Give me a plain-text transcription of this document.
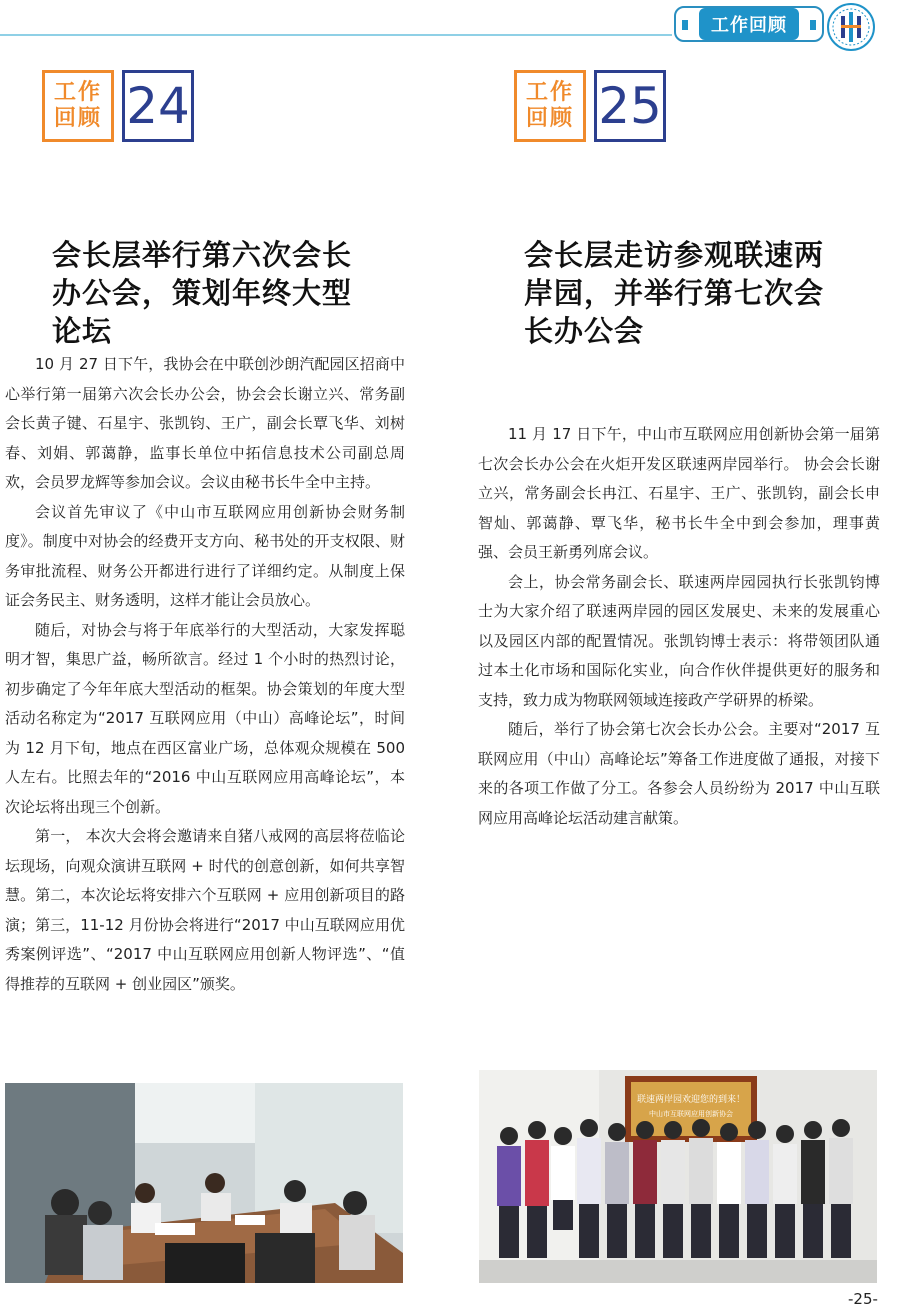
工作回顾
工作
回顾 24	工作
回顾 25
会长层举行第六次会长
办公会，策划年终大型
论坛
会长层走访参观联速两
岸园，并举行第七次会
长办公会
10 月 27 日下午，我协会在中联创沙朗汽配园区招商中心举行第一届第六次会长办公会，协会会长谢立兴、常务副会长黄子键、石星宇、张凯钧、王广，副会长覃飞华、刘树春、刘娟、郭蔼静，监事长单位中拓信息技术公司副总周欢，会员罗龙辉等参加会议。会议由秘书长牛全中主持。
会议首先审议了《中山市互联网应用创新协会财务制度》。制度中对协会的经费开支方向、秘书处的开支权限、财务审批流程、财务公开都进行进行了详细约定。从制度上保证会务民主、财务透明，这样才能让会员放心。
随后，对协会与将于年底举行的大型活动，大家发挥聪明才智，集思广益，畅所欲言。经过 1 个小时的热烈讨论，初步确定了今年年底大型活动的框架。协会策划的年度大型活动名称定为“2017 互联网应用（中山）高峰论坛”，时间为 12 月下旬，地点在西区富业广场，总体观众规模在 500 人左右。比照去年的“2016 中山互联网应用高峰论坛”，本次论坛将出现三个创新。
第一， 本次大会将会邀请来自猪八戒网的高层将莅临论坛现场，向观众演讲互联网 + 时代的创意创新，如何共享智慧。第二，本次论坛将安排六个互联网 + 应用创新项目的路演；第三，11-12 月份协会将进行“2017 中山互联网应用优秀案例评选”、“2017 中山互联网应用创新人物评选”、“值得推荐的互联网 + 创业园区”颁奖。
11 月 17 日下午，中山市互联网应用创新协会第一届第七次会长办公会在火炬开发区联速两岸园举行。 协会会长谢立兴，常务副会长冉江、石星宇、王广、张凯钧，副会长申智灿、郭蔼静、覃飞华，秘书长牛全中到会参加，理事黄强、会员王新勇列席会议。
会上，协会常务副会长、联速两岸园园执行长张凯钧博士为大家介绍了联速两岸园的园区发展史、未来的发展重心以及园区内部的配置情况。张凯钧博士表示：将带领团队通过本土化市场和国际化实业，向合作伙伴提供更好的服务和支持，致力成为物联网领域连接政产学研界的桥梁。
随后，举行了协会第七次会长办公会。主要对“2017 互联网应用（中山）高峰论坛”筹备工作进度做了通报，对接下来的各项工作做了分工。各参会人员纷纷为 2017 中山互联网应用高峰论坛活动建言献策。
联速两岸园欢迎您的到来！
中山市互联网应用创新协会
-25-
